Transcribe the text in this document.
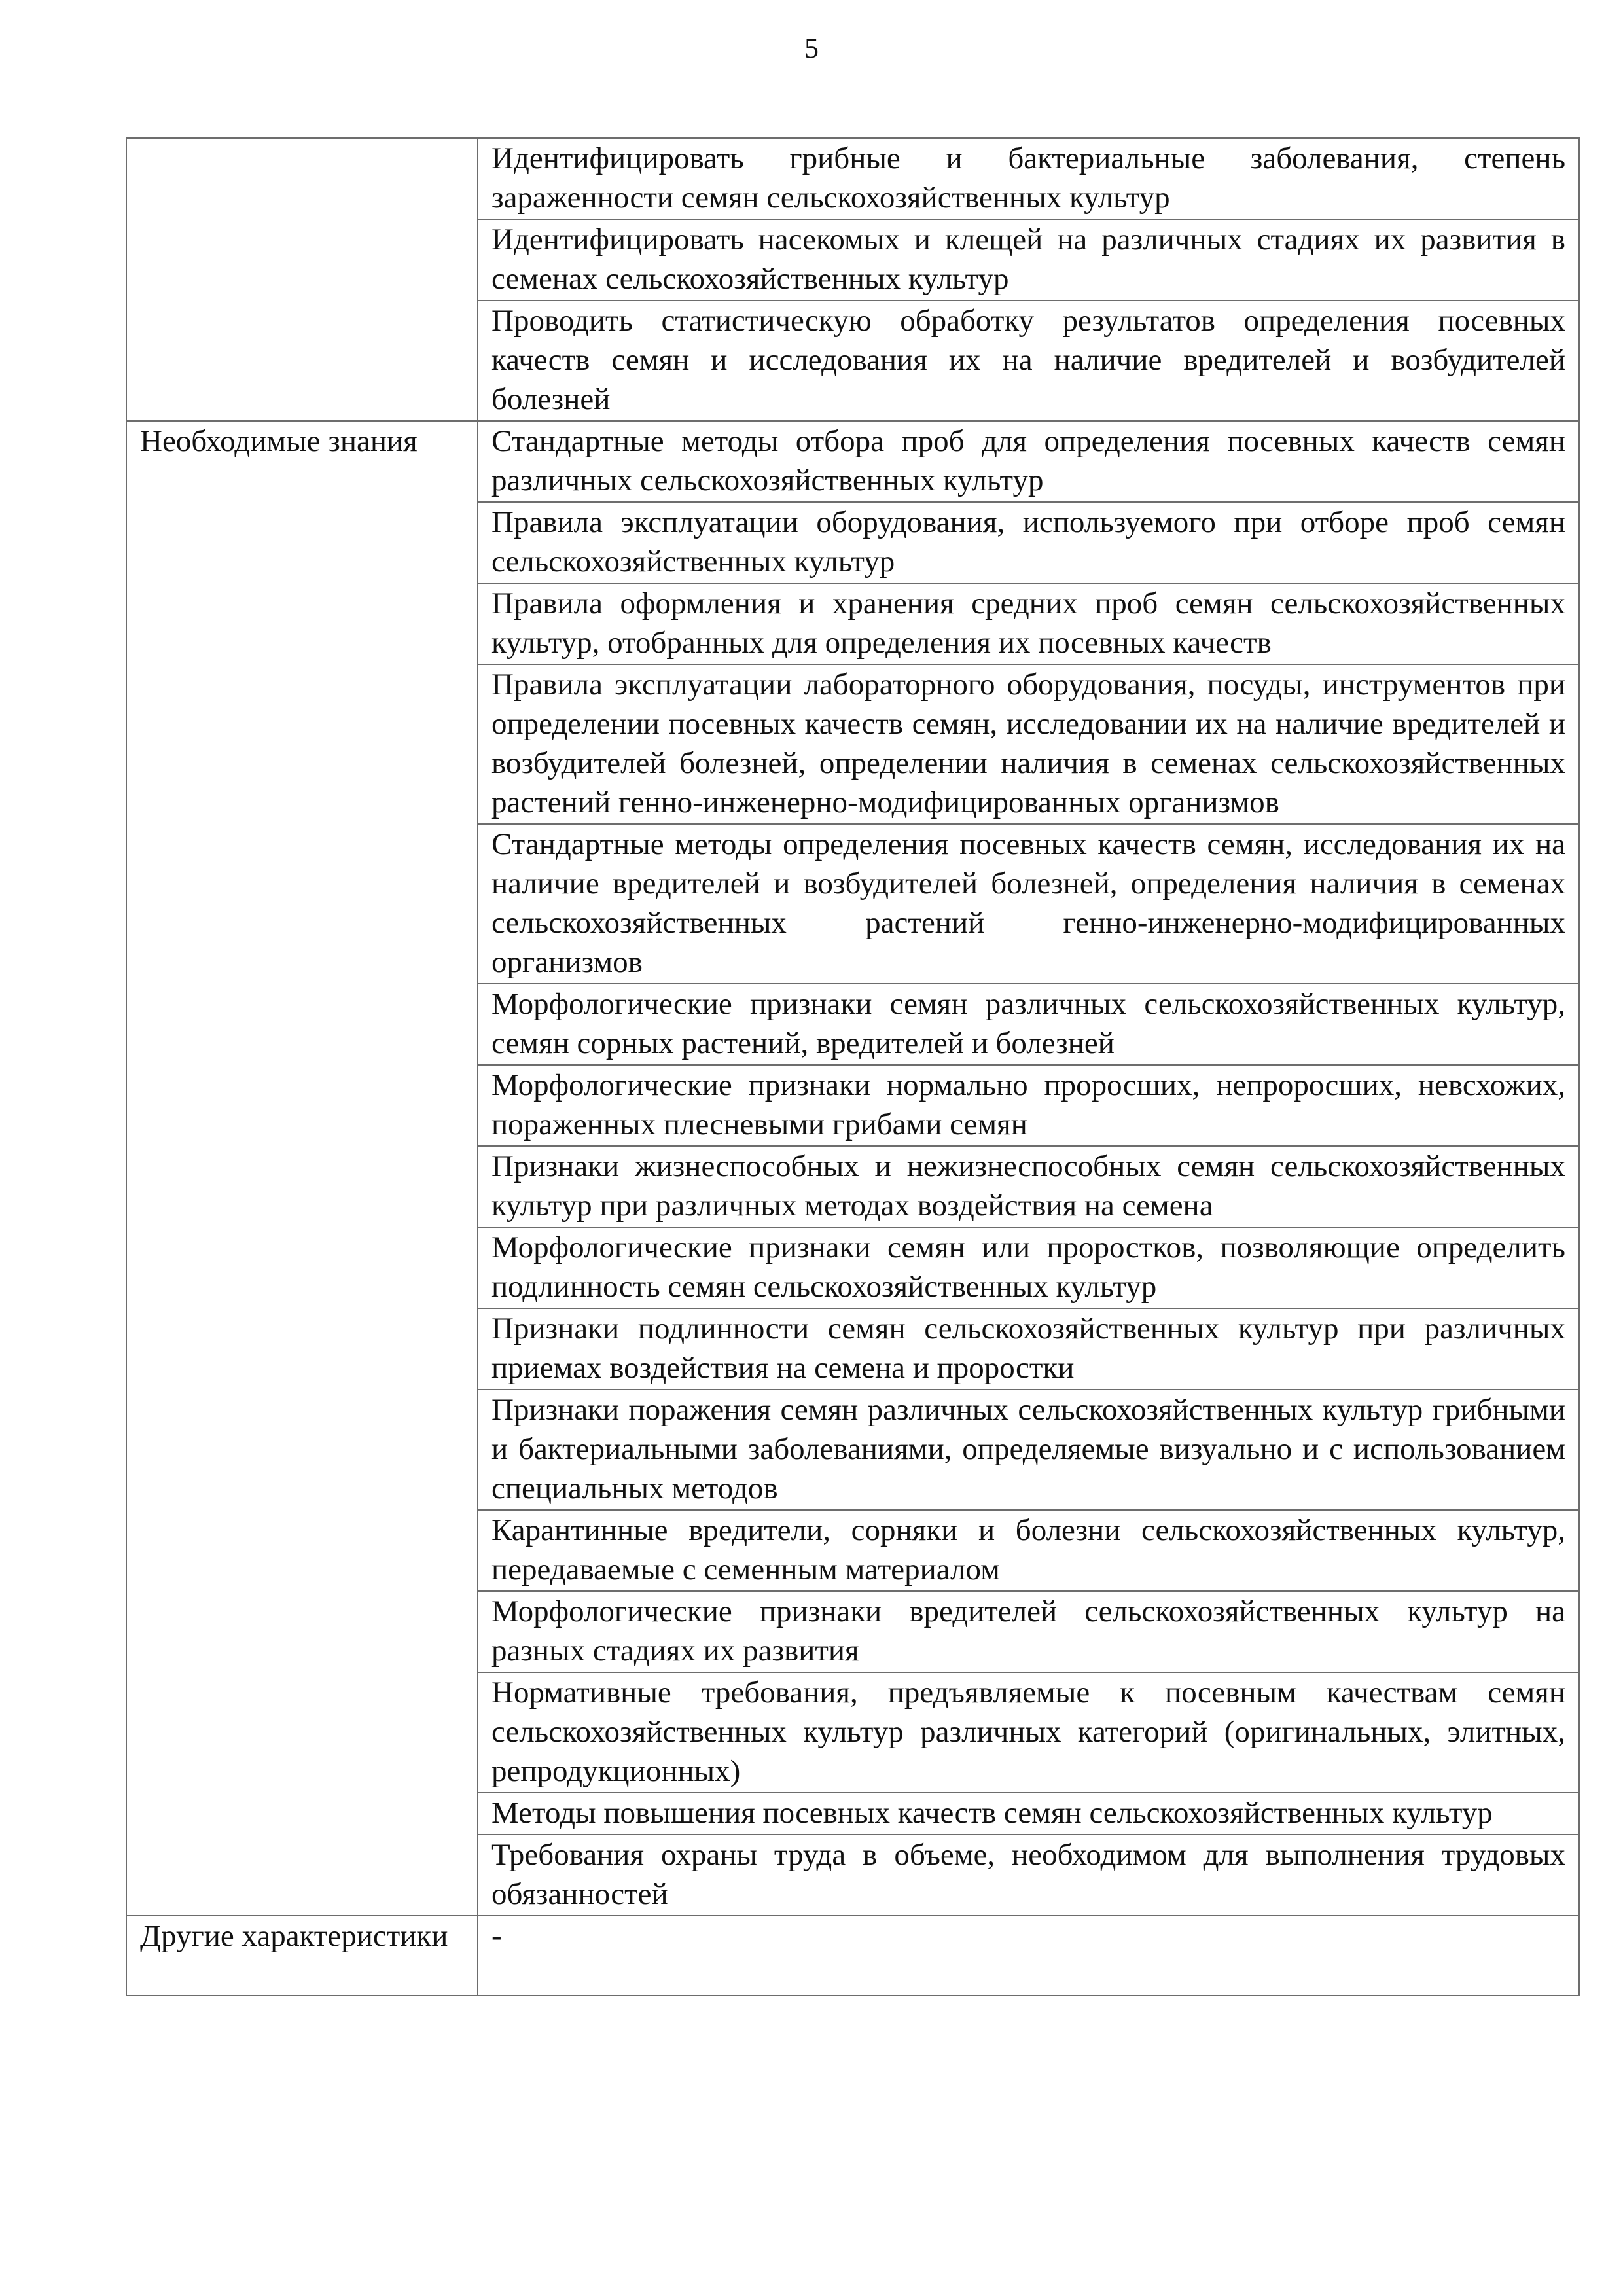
5
	Идентифицировать грибные и бактериальные заболевания, степень зараженности семян сельскохозяйственных культур
	Идентифицировать насекомых и клещей на различных стадиях их развития в семенах сельскохозяйственных культур
	Проводить статистическую обработку результатов определения посевных качеств семян и исследования их на наличие вредителей и возбудителей болезней
Необходимые знания	Стандартные методы отбора проб для определения посевных качеств семян различных сельскохозяйственных культур
	Правила эксплуатации оборудования, используемого при отборе проб семян сельскохозяйственных культур
	Правила оформления и хранения средних проб семян сельскохозяйственных культур, отобранных для определения их посевных качеств
	Правила эксплуатации лабораторного оборудования, посуды, инструментов при определении посевных качеств семян, исследовании их на наличие вредителей и возбудителей болезней, определении наличия в семенах сельскохозяйственных растений генно-инженерно-модифицированных организмов
	Стандартные методы определения посевных качеств семян, исследования их на наличие вредителей и возбудителей болезней, определения наличия в семенах сельскохозяйственных растений генно-инженерно-модифицированных организмов
	Морфологические признаки семян различных сельскохозяйственных культур, семян сорных растений, вредителей и болезней
	Морфологические признаки нормально проросших, непроросших, невсхожих, пораженных плесневыми грибами семян
	Признаки жизнеспособных и нежизнеспособных семян сельскохозяйственных культур при различных методах воздействия на семена
	Морфологические признаки семян или проростков, позволяющие определить подлинность семян сельскохозяйственных культур
	Признаки подлинности семян сельскохозяйственных культур при различных приемах воздействия на семена и проростки
	Признаки поражения семян различных сельскохозяйственных культур грибными и бактериальными заболеваниями, определяемые визуально и с использованием специальных методов
	Карантинные вредители, сорняки и болезни сельскохозяйственных культур, передаваемые с семенным материалом
	Морфологические признаки вредителей сельскохозяйственных культур на разных стадиях их развития
	Нормативные требования, предъявляемые к посевным качествам семян сельскохозяйственных культур различных категорий (оригинальных, элитных, репродукционных)
	Методы повышения посевных качеств семян сельскохозяйственных культур
	Требования охраны труда в объеме, необходимом для выполнения трудовых обязанностей
Другие характеристики	-
